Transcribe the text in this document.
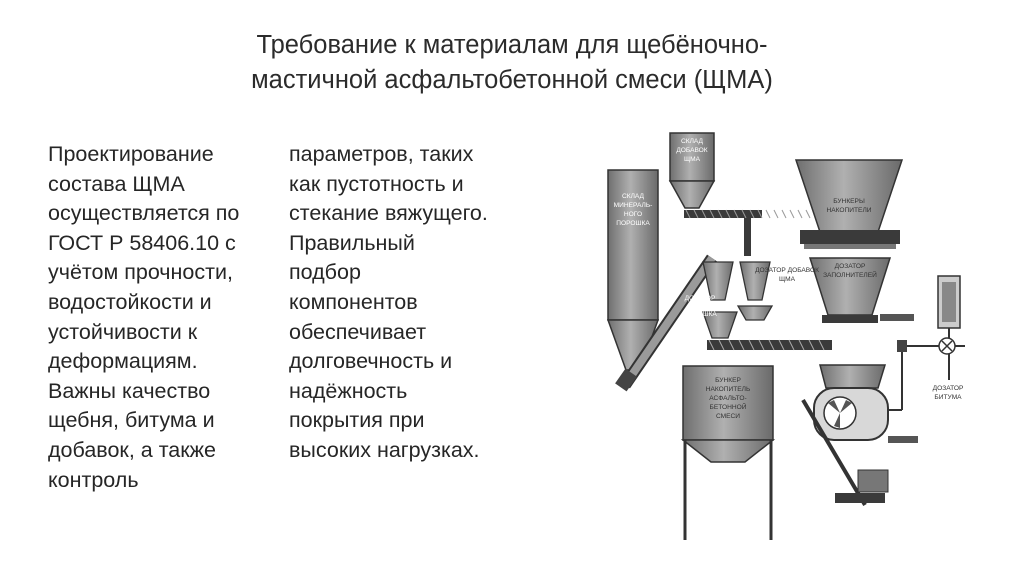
Требование к материалам для щебёночно-
мастичной асфальтобетонной смеси (ЩМА)
Проектирование
состава ЩМА
осуществляется по
ГОСТ Р 58406.10 с
учётом прочности,
водостойкости и
устойчивости к
деформациям.
Важны качество
щебня, битума и
добавок, а также
контроль
параметров, таких
как пустотность и
стекание вяжущего.
Правильный
подбор
компонентов
обеспечивает
долговечность и
надёжность
покрытия при
высоких нагрузках.
СКЛАД
МИНЕРАЛЬ-
НОГО
ПОРОШКА
СКЛАД
ДОБАВОК
ЩМА
БУНКЕРЫ
НАКОПИТЕЛИ
ДОЗАТОР
ЗАПОЛНИТЕЛЕЙ
ДОЗАТОР ДОБАВОК
ЩМА
ДОЗАТОР
МИН.
ПОРОШКА
БУНКЕР
НАКОПИТЕЛЬ
АСФАЛЬТО-
БЕТОННОЙ
СМЕСИ
ДОЗАТОР
БИТУМА
